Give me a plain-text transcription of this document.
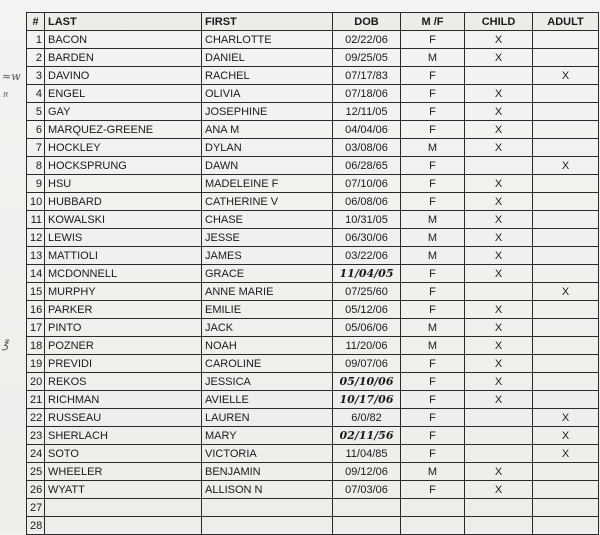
≈w
ᴿ
℥
#	LAST	FIRST	DOB	M /F	CHILD	ADULT
1	BACON	CHARLOTTE	02/22/06	F	X	
2	BARDEN	DANIEL	09/25/05	M	X	
3	DAVINO	RACHEL	07/17/83	F		X
4	ENGEL	OLIVIA	07/18/06	F	X	
5	GAY	JOSEPHINE	12/11/05	F	X	
6	MARQUEZ-GREENE	ANA M	04/04/06	F	X	
7	HOCKLEY	DYLAN	03/08/06	M	X	
8	HOCKSPRUNG	DAWN	06/28/65	F		X
9	HSU	MADELEINE F	07/10/06	F	X	
10	HUBBARD	CATHERINE V	06/08/06	F	X	
11	KOWALSKI	CHASE	10/31/05	M	X	
12	LEWIS	JESSE	06/30/06	M	X	
13	MATTIOLI	JAMES	03/22/06	M	X	
14	MCDONNELL	GRACE	11/04/05	F	X	
15	MURPHY	ANNE MARIE	07/25/60	F		X
16	PARKER	EMILIE	05/12/06	F	X	
17	PINTO	JACK	05/06/06	M	X	
18	POZNER	NOAH	11/20/06	M	X	
19	PREVIDI	CAROLINE	09/07/06	F	X	
20	REKOS	JESSICA	05/10/06	F	X	
21	RICHMAN	AVIELLE	10/17/06	F	X	
22	RUSSEAU	LAUREN	6/0/82	F		X
23	SHERLACH	MARY	02/11/56	F		X
24	SOTO	VICTORIA	11/04/85	F		X
25	WHEELER	BENJAMIN	09/12/06	M	X	
26	WYATT	ALLISON N	07/03/06	F	X	
27						
28						
